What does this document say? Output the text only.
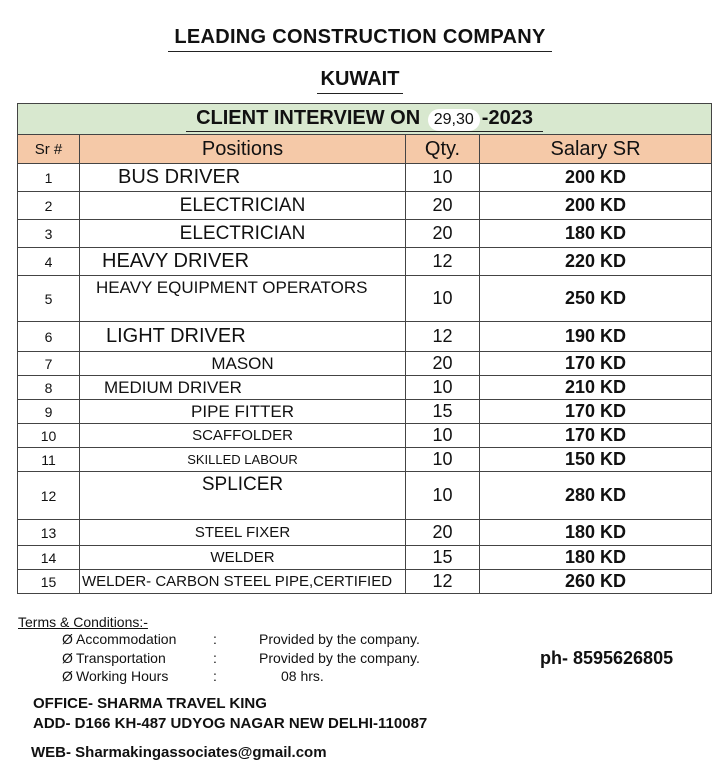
LEADING CONSTRUCTION COMPANY
KUWAIT
CLIENT INTERVIEW ON 29,30 -2023			
Sr #	Positions	Qty.	Salary SR
1	BUS DRIVER	10	200 KD
2	ELECTRICIAN	20	200 KD
3	ELECTRICIAN	20	180 KD
4	HEAVY DRIVER	12	220 KD
5	HEAVY EQUIPMENT OPERATORS	10	250 KD
6	LIGHT DRIVER	12	190 KD
7	MASON	20	170 KD
8	MEDIUM DRIVER	10	210 KD
9	PIPE FITTER	15	170 KD
10	SCAFFOLDER	10	170 KD
11	SKILLED LABOUR	10	150 KD
12	SPLICER	10	280 KD
13	STEEL FIXER	20	180 KD
14	WELDER	15	180 KD
15	WELDER- CARBON STEEL PIPE,CERTIFIED	12	260 KD
Terms & Conditions:-
Ø Accommodation	:	Provided by the company.
Ø Transportation	:	Provided by the company.
Ø Working Hours	:	08 hrs.
ph- 8595626805
OFFICE- SHARMA TRAVEL KING
ADD- D166 KH-487 UDYOG NAGAR NEW DELHI-110087
WEB- Sharmakingassociates@gmail.com
